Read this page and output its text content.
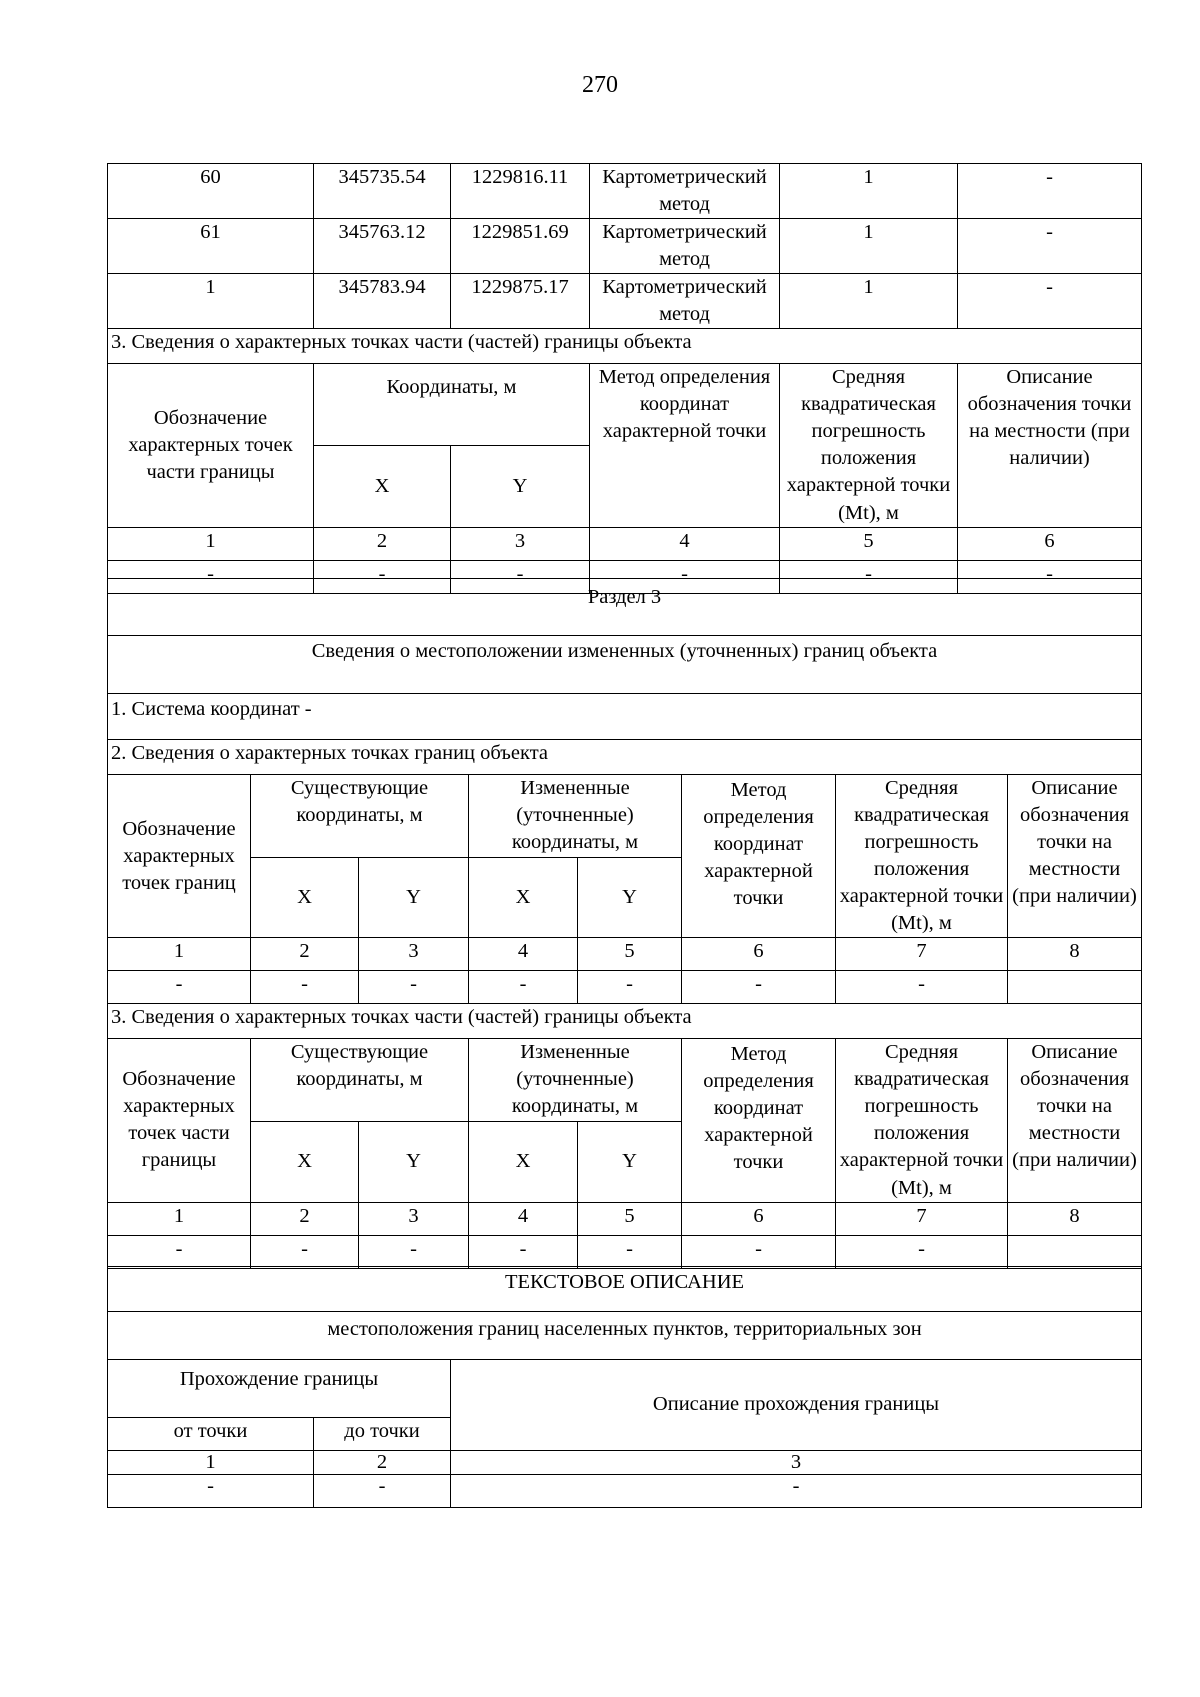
270
60	345735.54	1229816.11	Картометрический метод	1	-
61	345763.12	1229851.69	Картометрический метод	1	-
1	345783.94	1229875.17	Картометрический метод	1	-
3. Сведения о характерных точках части (частей) границы объекта					
Обозначение характерных точек части границы	Координаты, м		Метод определения координат характерной точки	Средняя квадратическая погрешность положения характерной точки (Mt), м	Описание обозначения точки на местности (при наличии)
	X	Y			
1	2	3	4	5	6
-	-	-	-	-	-
Раздел 3							
Сведения о местоположении измененных (уточненных) границ объекта							
1. Система координат -							
2. Сведения о характерных точках границ объекта							
Обозначение характерных точек границ	Существующие координаты, м		Измененные (уточненные) координаты, м		Метод определения координат характерной точки	Средняя квадратическая погрешность положения характерной точки (Mt), м	Описание обозначения точки на местности (при наличии)
	X	Y	X	Y			
1	2	3	4	5	6	7	8
-	-	-	-	-	-	-	
3. Сведения о характерных точках части (частей) границы объекта							
Обозначение характерных точек части границы	Существующие координаты, м		Измененные (уточненные) координаты, м		Метод определения координат характерной точки	Средняя квадратическая погрешность положения характерной точки (Mt), м	Описание обозначения точки на местности (при наличии)
	X	Y	X	Y			
1	2	3	4	5	6	7	8
-	-	-	-	-	-	-	
ТЕКСТОВОЕ ОПИСАНИЕ		
местоположения границ населенных пунктов, территориальных зон		
Прохождение границы		Описание прохождения границы
от точки	до точки	
1	2	3
-	-	-
